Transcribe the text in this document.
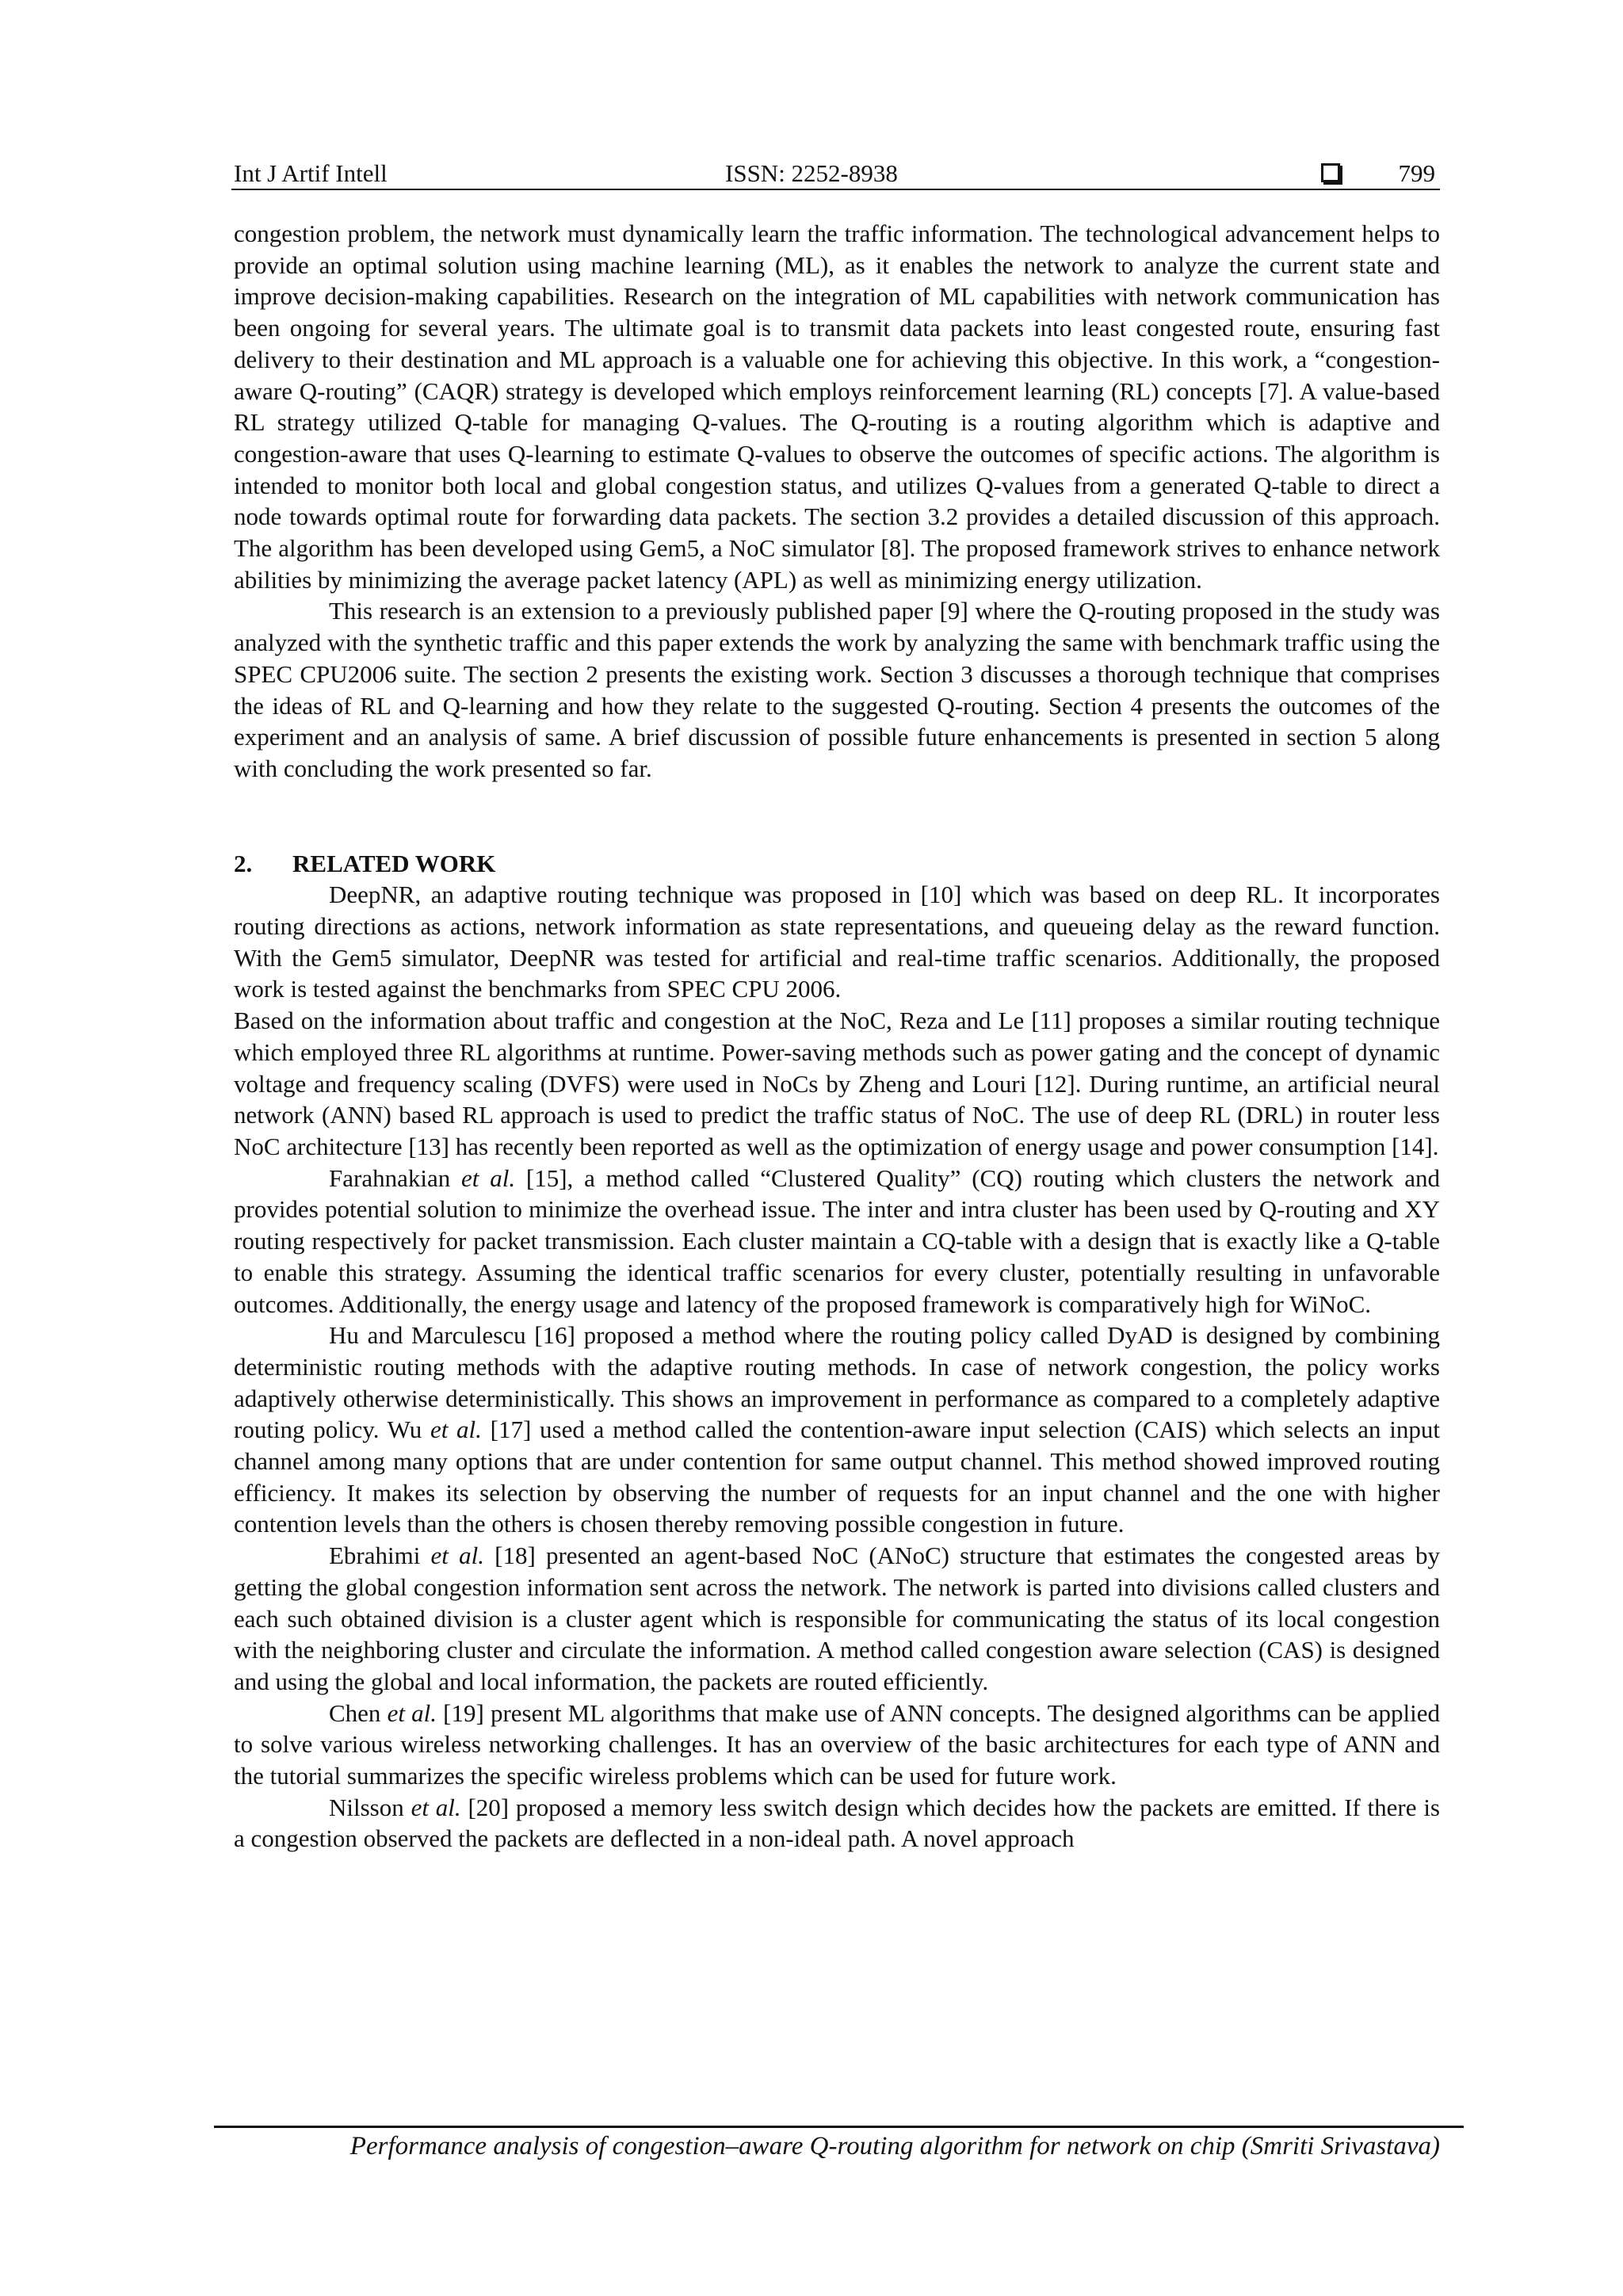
Int J Artif Intell	ISSN: 2252-8938	799

congestion problem, the network must dynamically learn the traffic information. The technological advancement helps to provide an optimal solution using machine learning (ML), as it enables the network to analyze the current state and improve decision-making capabilities. Research on the integration of ML capabilities with network communication has been ongoing for several years. The ultimate goal is to transmit data packets into least congested route, ensuring fast delivery to their destination and ML approach is a valuable one for achieving this objective. In this work, a “congestion-aware Q-routing” (CAQR) strategy is developed which employs reinforcement learning (RL) concepts [7]. A value-based RL strategy utilized Q-table for managing Q-values. The Q-routing is a routing algorithm which is adaptive and congestion-aware that uses Q-learning to estimate Q-values to observe the outcomes of specific actions. The algorithm is intended to monitor both local and global congestion status, and utilizes Q-values from a generated Q-table to direct a node towards optimal route for forwarding data packets. The section 3.2 provides a detailed discussion of this approach. The algorithm has been developed using Gem5, a NoC simulator [8]. The proposed framework strives to enhance network abilities by minimizing the average packet latency (APL) as well as minimizing energy utilization.

This research is an extension to a previously published paper [9] where the Q-routing proposed in the study was analyzed with the synthetic traffic and this paper extends the work by analyzing the same with benchmark traffic using the SPEC CPU2006 suite. The section 2 presents the existing work. Section 3 discusses a thorough technique that comprises the ideas of RL and Q-learning and how they relate to the suggested Q-routing. Section 4 presents the outcomes of the experiment and an analysis of same. A brief discussion of possible future enhancements is presented in section 5 along with concluding the work presented so far.

2. RELATED WORK

DeepNR, an adaptive routing technique was proposed in [10] which was based on deep RL. It incorporates routing directions as actions, network information as state representations, and queueing delay as the reward function. With the Gem5 simulator, DeepNR was tested for artificial and real-time traffic scenarios. Additionally, the proposed work is tested against the benchmarks from SPEC CPU 2006.

Based on the information about traffic and congestion at the NoC, Reza and Le [11] proposes a similar routing technique which employed three RL algorithms at runtime. Power-saving methods such as power gating and the concept of dynamic voltage and frequency scaling (DVFS) were used in NoCs by Zheng and Louri [12]. During runtime, an artificial neural network (ANN) based RL approach is used to predict the traffic status of NoC. The use of deep RL (DRL) in router less NoC architecture [13] has recently been reported as well as the optimization of energy usage and power consumption [14].

Farahnakian et al. [15], a method called “Clustered Quality” (CQ) routing which clusters the network and provides potential solution to minimize the overhead issue. The inter and intra cluster has been used by Q-routing and XY routing respectively for packet transmission. Each cluster maintain a CQ-table with a design that is exactly like a Q-table to enable this strategy. Assuming the identical traffic scenarios for every cluster, potentially resulting in unfavorable outcomes. Additionally, the energy usage and latency of the proposed framework is comparatively high for WiNoC.

Hu and Marculescu [16] proposed a method where the routing policy called DyAD is designed by combining deterministic routing methods with the adaptive routing methods. In case of network congestion, the policy works adaptively otherwise deterministically. This shows an improvement in performance as compared to a completely adaptive routing policy. Wu et al. [17] used a method called the contention-aware input selection (CAIS) which selects an input channel among many options that are under contention for same output channel. This method showed improved routing efficiency. It makes its selection by observing the number of requests for an input channel and the one with higher contention levels than the others is chosen thereby removing possible congestion in future.

Ebrahimi et al. [18] presented an agent-based NoC (ANoC) structure that estimates the congested areas by getting the global congestion information sent across the network. The network is parted into divisions called clusters and each such obtained division is a cluster agent which is responsible for communicating the status of its local congestion with the neighboring cluster and circulate the information. A method called congestion aware selection (CAS) is designed and using the global and local information, the packets are routed efficiently.

Chen et al. [19] present ML algorithms that make use of ANN concepts. The designed algorithms can be applied to solve various wireless networking challenges. It has an overview of the basic architectures for each type of ANN and the tutorial summarizes the specific wireless problems which can be used for future work.

Nilsson et al. [20] proposed a memory less switch design which decides how the packets are emitted. If there is a congestion observed the packets are deflected in a non-ideal path. A novel approach

Performance analysis of congestion–aware Q-routing algorithm for network on chip (Smriti Srivastava)
